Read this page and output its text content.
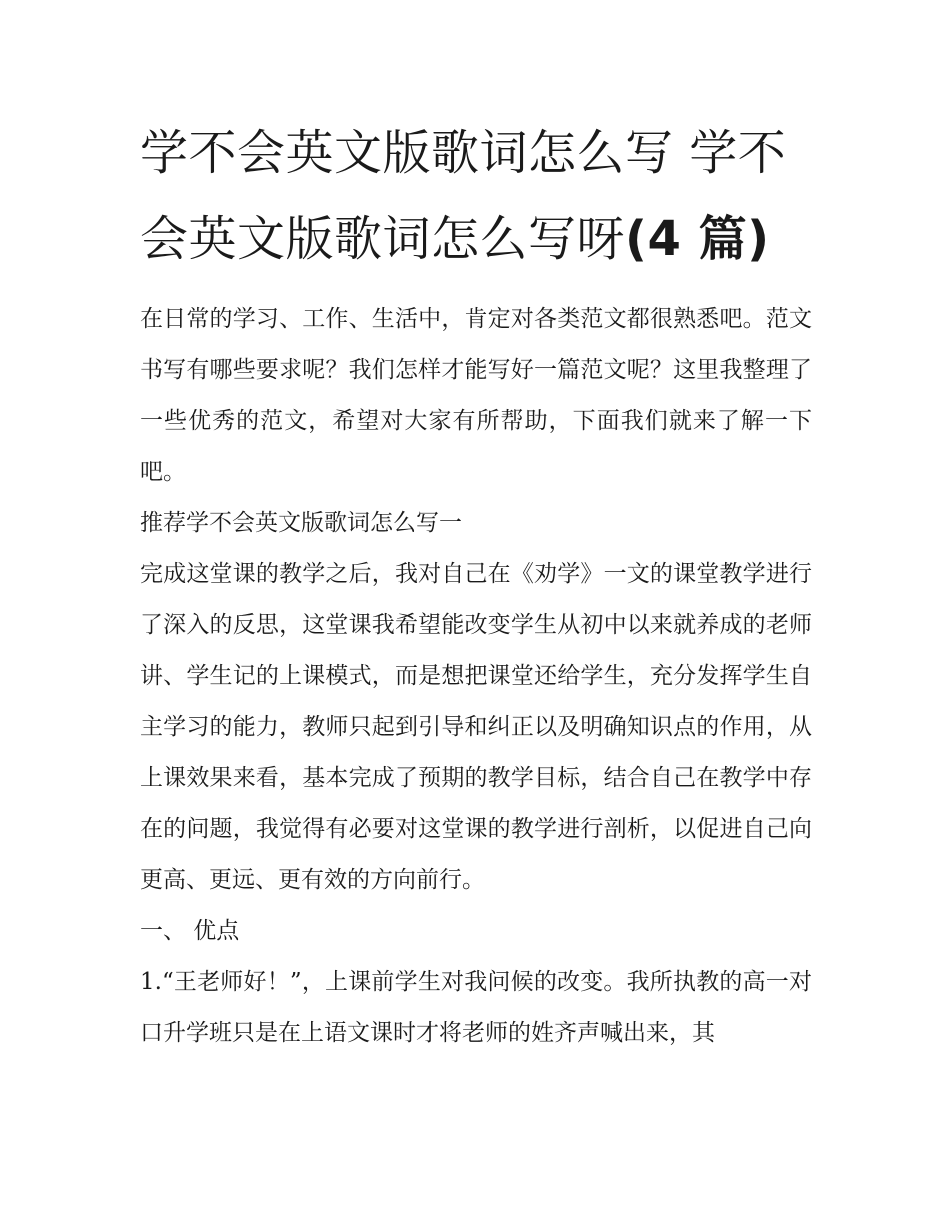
学不会英文版歌词怎么写 学不会英文版歌词怎么写呀(4 篇)

在日常的学习、工作、生活中，肯定对各类范文都很熟悉吧。范文书写有哪些要求呢？我们怎样才能写好一篇范文呢？这里我整理了一些优秀的范文，希望对大家有所帮助，下面我们就来了解一下吧。

推荐学不会英文版歌词怎么写一

完成这堂课的教学之后，我对自己在《劝学》一文的课堂教学进行了深入的反思，这堂课我希望能改变学生从初中以来就养成的老师讲、学生记的上课模式，而是想把课堂还给学生，充分发挥学生自主学习的能力，教师只起到引导和纠正以及明确知识点的作用，从上课效果来看，基本完成了预期的教学目标，结合自己在教学中存在的问题，我觉得有必要对这堂课的教学进行剖析，以促进自己向更高、更远、更有效的方向前行。

一、 优点

1.“王老师好！”，上课前学生对我问候的改变。我所执教的高一对口升学班只是在上语文课时才将老师的姓齐声喊出来，其
